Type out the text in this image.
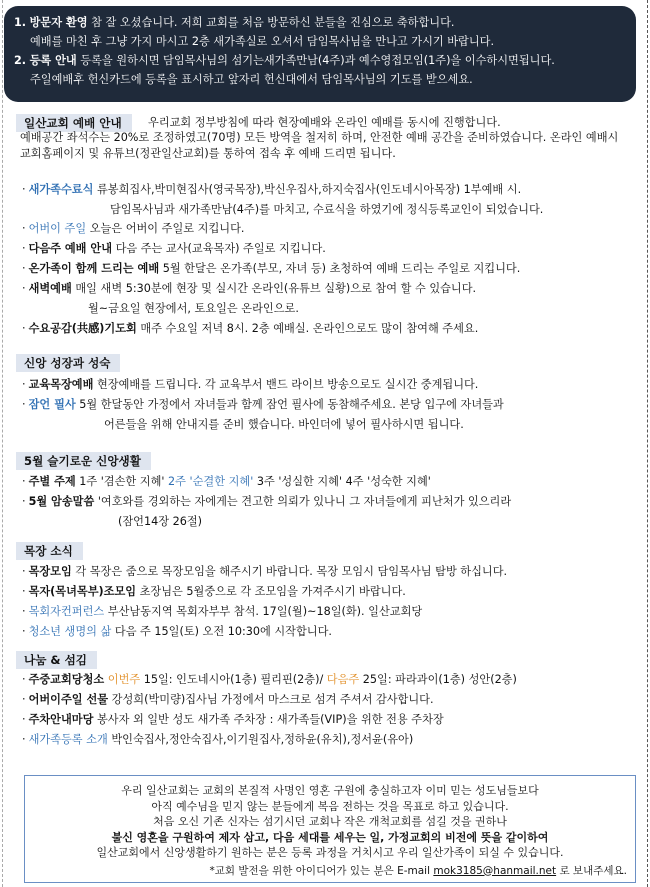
1. 방문자 환영 참 잘 오셨습니다. 저희 교회를 처음 방문하신 분들을 진심으로 축하합니다.
예배를 마친 후 그냥 가지 마시고 2층 새가족실로 오셔서 담임목사님을 만나고 가시기 바랍니다.
2. 등록 안내 등록을 원하시면 담임목사님의 섬기는새가족만남(4주)과 예수영접모임(1주)을 이수하시면됩니다.
주일예배후 헌신카드에 등록을 표시하고 앞자리 헌신대에서 담임목사님의 기도를 받으세요.
일산교회 예배 안내	우리교회 정부방침에 따라 현장예배와 온라인 예배를 동시에 진행합니다.
예배공간 좌석수는 20%로 조정하였고(70명) 모든 방역을 철저히 하며, 안전한 예배 공간을 준비하였습니다. 온라인 예배시 교회홈페이지 및 유튜브(정관일산교회)를 통하여 접속 후 예배 드리면 됩니다.
· 새가족수료식 류봉희집사,박미현집사(영국목장),박신우집사,하지숙집사(인도네시아목장) 1부예배 시.
담임목사님과 새가족만남(4주)를 마치고, 수료식을 하였기에 정식등록교인이 되었습니다.
· 어버이 주일 오늘은 어버이 주일로 지킵니다.
· 다음주 예배 안내 다음 주는 교사(교육목자) 주일로 지킵니다.
· 온가족이 함께 드리는 예배 5월 한달은 온가족(부모, 자녀 등) 초청하여 예배 드리는 주일로 지킵니다.
· 새벽예배 매일 새벽 5:30분에 현장 및 실시간 온라인(유튜브 실황)으로 참여 할 수 있습니다.
월~금요일 현장에서, 토요일은 온라인으로.
· 수요공감(共感)기도회 매주 수요일 저녁 8시. 2층 예배실. 온라인으로도 많이 참여해 주세요.
신앙 성장과 성숙
· 교육목장예배 현장예배를 드립니다. 각 교육부서 밴드 라이브 방송으로도 실시간 중계됩니다.
· 잠언 필사 5월 한달동안 가정에서 자녀들과 함께 잠언 필사에 동참해주세요. 본당 입구에 자녀들과
어른들을 위해 안내지를 준비 했습니다. 바인더에 넣어 필사하시면 됩니다.
5월 슬기로운 신앙생활
· 주별 주제 1주 '겸손한 지혜' 2주 '순결한 지혜' 3주 '성실한 지혜' 4주 '성숙한 지혜'
· 5월 암송말씀 '여호와를 경외하는 자에게는 견고한 의뢰가 있나니 그 자녀들에게 피난처가 있으리라
(잠언14장 26절)
목장 소식
· 목장모임 각 목장은 줌으로 목장모임을 해주시기 바랍니다. 목장 모임시 담임목사님 탐방 하십니다.
· 목자(목녀목부)조모임 초장님은 5월중으로 각 조모임을 가져주시기 바랍니다.
· 목회자컨퍼런스 부산남동지역 목회자부부 참석. 17일(월)~18일(화). 일산교회당
· 청소년 생명의 삶 다음 주 15일(토) 오전 10:30에 시작합니다.
나눔 & 섬김
· 주중교회당청소 이번주 15일: 인도네시아(1층) 필리핀(2층)/ 다음주 25일: 파라과이(1층) 성안(2층)
· 어버이주일 선물 강성희(박미량)집사님 가정에서 마스크로 섬겨 주셔서 감사합니다.
· 주차안내마당 봉사자 외 일반 성도 새가족 주차장 : 새가족들(VIP)을 위한 전용 주차장
· 새가족등록 소개 박인숙집사,정안숙집사,이기원집사,정하윤(유치),정서윤(유아)
우리 일산교회는 교회의 본질적 사명인 영혼 구원에 충실하고자 이미 믿는 성도님들보다
아직 예수님을 믿지 않는 분들에게 복음 전하는 것을 목표로 하고 있습니다.
처음 오신 기존 신자는 섬기시던 교회나 작은 개척교회를 섬길 것을 권하나
불신 영혼을 구원하여 제자 삼고, 다음 세대를 세우는 일, 가정교회의 비전에 뜻을 같이하여
일산교회에서 신앙생활하기 원하는 분은 등록 과정을 거치시고 우리 일산가족이 되실 수 있습니다.
*교회 발전을 위한 아이디어가 있는 분은 E-mail mok3185@hanmail.net 로 보내주세요.
